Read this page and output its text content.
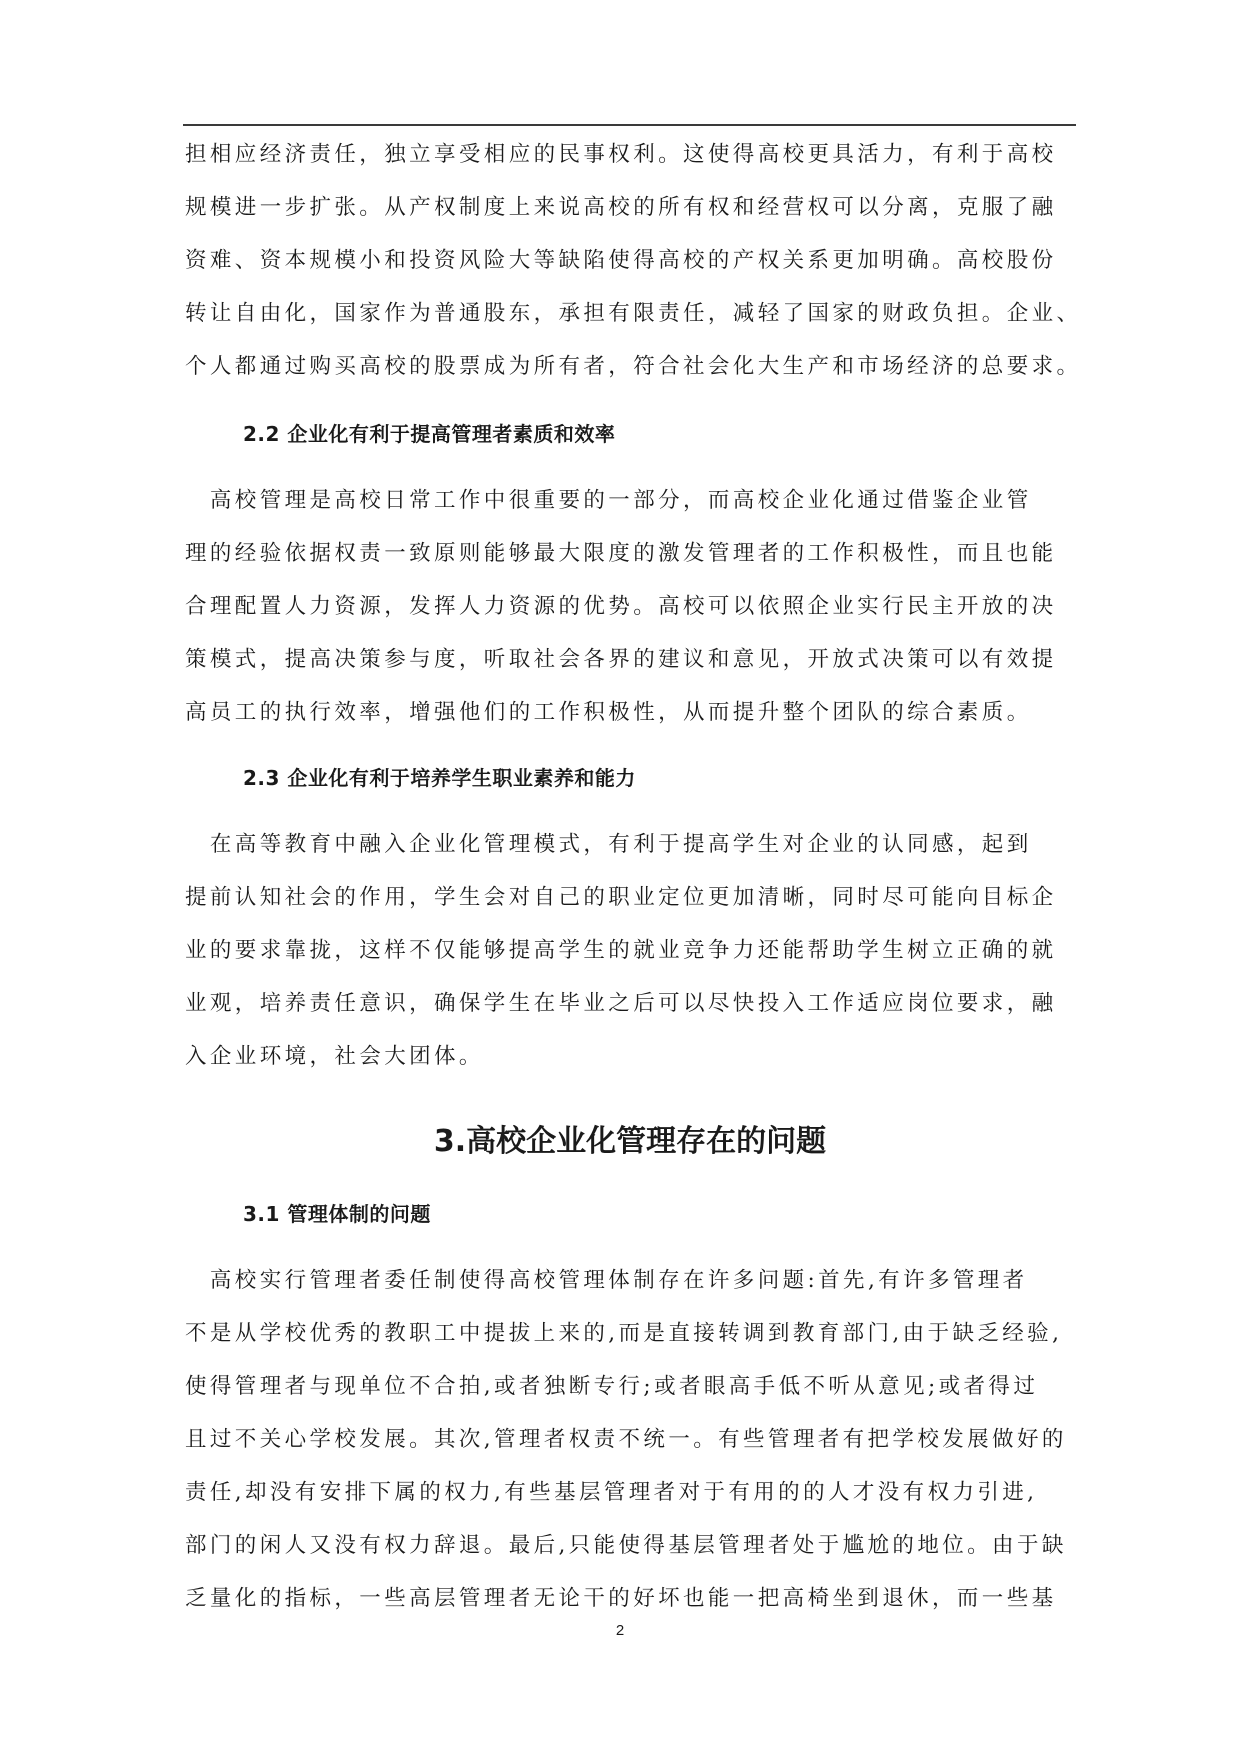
担相应经济责任，独立享受相应的民事权利。这使得高校更具活力，有利于高校
规模进一步扩张。从产权制度上来说高校的所有权和经营权可以分离，克服了融
资难、资本规模小和投资风险大等缺陷使得高校的产权关系更加明确。高校股份
转让自由化，国家作为普通股东，承担有限责任，减轻了国家的财政负担。企业、
个人都通过购买高校的股票成为所有者，符合社会化大生产和市场经济的总要求。
2.2 企业化有利于提高管理者素质和效率
　高校管理是高校日常工作中很重要的一部分，而高校企业化通过借鉴企业管
理的经验依据权责一致原则能够最大限度的激发管理者的工作积极性，而且也能
合理配置人力资源，发挥人力资源的优势。高校可以依照企业实行民主开放的决
策模式，提高决策参与度，听取社会各界的建议和意见，开放式决策可以有效提
高员工的执行效率，增强他们的工作积极性，从而提升整个团队的综合素质。
2.3 企业化有利于培养学生职业素养和能力
　在高等教育中融入企业化管理模式，有利于提高学生对企业的认同感，起到
提前认知社会的作用，学生会对自己的职业定位更加清晰，同时尽可能向目标企
业的要求靠拢，这样不仅能够提高学生的就业竞争力还能帮助学生树立正确的就
业观，培养责任意识，确保学生在毕业之后可以尽快投入工作适应岗位要求，融
入企业环境，社会大团体。
3.高校企业化管理存在的问题
3.1 管理体制的问题
　高校实行管理者委任制使得高校管理体制存在许多问题:首先,有许多管理者
不是从学校优秀的教职工中提拔上来的,而是直接转调到教育部门,由于缺乏经验,
使得管理者与现单位不合拍,或者独断专行;或者眼高手低不听从意见;或者得过
且过不关心学校发展。其次,管理者权责不统一。有些管理者有把学校发展做好的
责任,却没有安排下属的权力,有些基层管理者对于有用的的人才没有权力引进,
部门的闲人又没有权力辞退。最后,只能使得基层管理者处于尴尬的地位。由于缺
乏量化的指标，一些高层管理者无论干的好坏也能一把高椅坐到退休，而一些基
2
